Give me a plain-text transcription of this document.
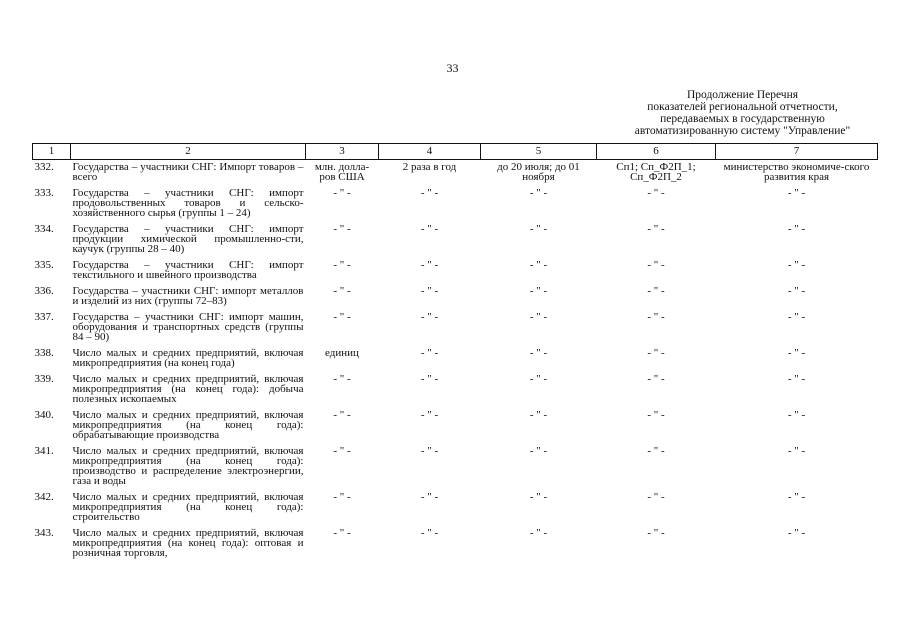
33
Продолжение Перечня
показателей региональной отчетности,
передаваемых в государственную
автоматизированную систему "Управление"
1	2	3	4	5	6	7
332.	Государства – участники СНГ: Импорт товаров – всего	млн. долла-ров США	2 раза в год	до 20 июля; до 01 ноября	Сп1; Сп_Ф2П_1; Сп_Ф2П_2	министерство экономиче-ского развития края
333.	Государства – участники СНГ: импорт продовольственных товаров и сельско-хозяйственного сырья (группы 1 – 24)	- " -	- " -	- " -	- " -	- " -
334.	Государства – участники СНГ: импорт продукции химической промышленно-сти, каучук (группы 28 – 40)	- " -	- " -	- " -	- " -	- " -
335.	Государства – участники СНГ: импорт текстильного и швейного производства	- " -	- " -	- " -	- " -	- " -
336.	Государства – участники СНГ: импорт металлов и изделий из них (группы 72–83)	- " -	- " -	- " -	- " -	- " -
337.	Государства – участники СНГ: импорт машин, оборудования и транспортных средств (группы 84 – 90)	- " -	- " -	- " -	- " -	- " -
338.	Число малых и средних предприятий, включая микропредприятия (на конец года)	единиц	- " -	- " -	- " -	- " -
339.	Число малых и средних предприятий, включая микропредприятия (на конец года): добыча полезных ископаемых	- " -	- " -	- " -	- " -	- " -
340.	Число малых и средних предприятий, включая микропредприятия (на конец года): обрабатывающие производства	- " -	- " -	- " -	- " -	- " -
341.	Число малых и средних предприятий, включая микропредприятия (на конец года): производство и распределение электроэнергии, газа и воды	- " -	- " -	- " -	- " -	- " -
342.	Число малых и средних предприятий, включая микропредприятия (на конец года): строительство	- " -	- " -	- " -	- " -	- " -
343.	Число малых и средних предприятий, включая микропредприятия (на конец года): оптовая и розничная торговля,	- " -	- " -	- " -	- " -	- " -
